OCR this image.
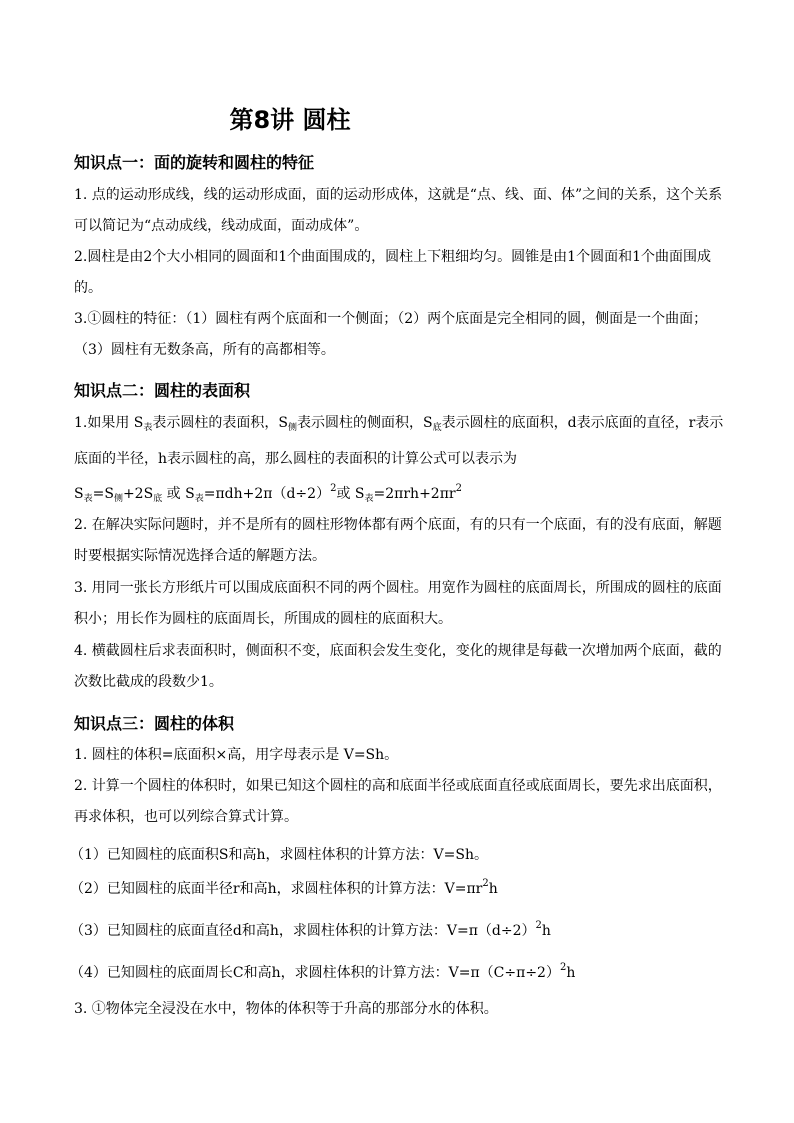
第8讲 圆柱
知识点一：面的旋转和圆柱的特征

1. 点的运动形成线，线的运动形成面，面的运动形成体，这就是“点、线、面、体”之间的关系，这个关系可以简记为“点动成线，线动成面，面动成体”。

2.圆柱是由2个大小相同的圆面和1个曲面围成的，圆柱上下粗细均匀。圆锥是由1个圆面和1个曲面围成的。

3.①圆柱的特征：（1）圆柱有两个底面和一个侧面；（2）两个底面是完全相同的圆，侧面是一个曲面；（3）圆柱有无数条高，所有的高都相等。

知识点二：圆柱的表面积

1.如果用 $S_表$表示圆柱的表面积，$S_侧$表示圆柱的侧面积，$S_底$表示圆柱的底面积，d表示底面的直径，r表示底面的半径，h表示圆柱的高，那么圆柱的表面积的计算公式可以表示为

$S_表=S_侧+2S_底$ 或 $S_表=\pi dh+2\pi(d\div 2)^2$或 $S_表=2\pi rh+2\pi r^2$

2. 在解决实际问题时，并不是所有的圆柱形物体都有两个底面，有的只有一个底面，有的没有底面，解题时要根据实际情况选择合适的解题方法。

3. 用同一张长方形纸片可以围成底面积不同的两个圆柱。用宽作为圆柱的底面周长，所围成的圆柱的底面积小；用长作为圆柱的底面周长，所围成的圆柱的底面积大。

4. 横截圆柱后求表面积时，侧面积不变，底面积会发生变化，变化的规律是每截一次增加两个底面，截的次数比截成的段数少1。

知识点三：圆柱的体积

1. 圆柱的体积=底面积×高，用字母表示是 V=Sh。

2. 计算一个圆柱的体积时，如果已知这个圆柱的高和底面半径或底面直径或底面周长，要先求出底面积，再求体积，也可以列综合算式计算。

（1）已知圆柱的底面积S和高h，求圆柱体积的计算方法：V=Sh。
（2）已知圆柱的底面半径r和高h，求圆柱体积的计算方法：$V=\pi r^2h$
（3）已知圆柱的底面直径d和高h，求圆柱体积的计算方法：$V=\pi(d\div 2)^2h$
（4）已知圆柱的底面周长C和高h，求圆柱体积的计算方法：$V=\pi(C\div\pi\div 2)^2h$
3. ①物体完全浸没在水中，物体的体积等于升高的那部分水的体积。
